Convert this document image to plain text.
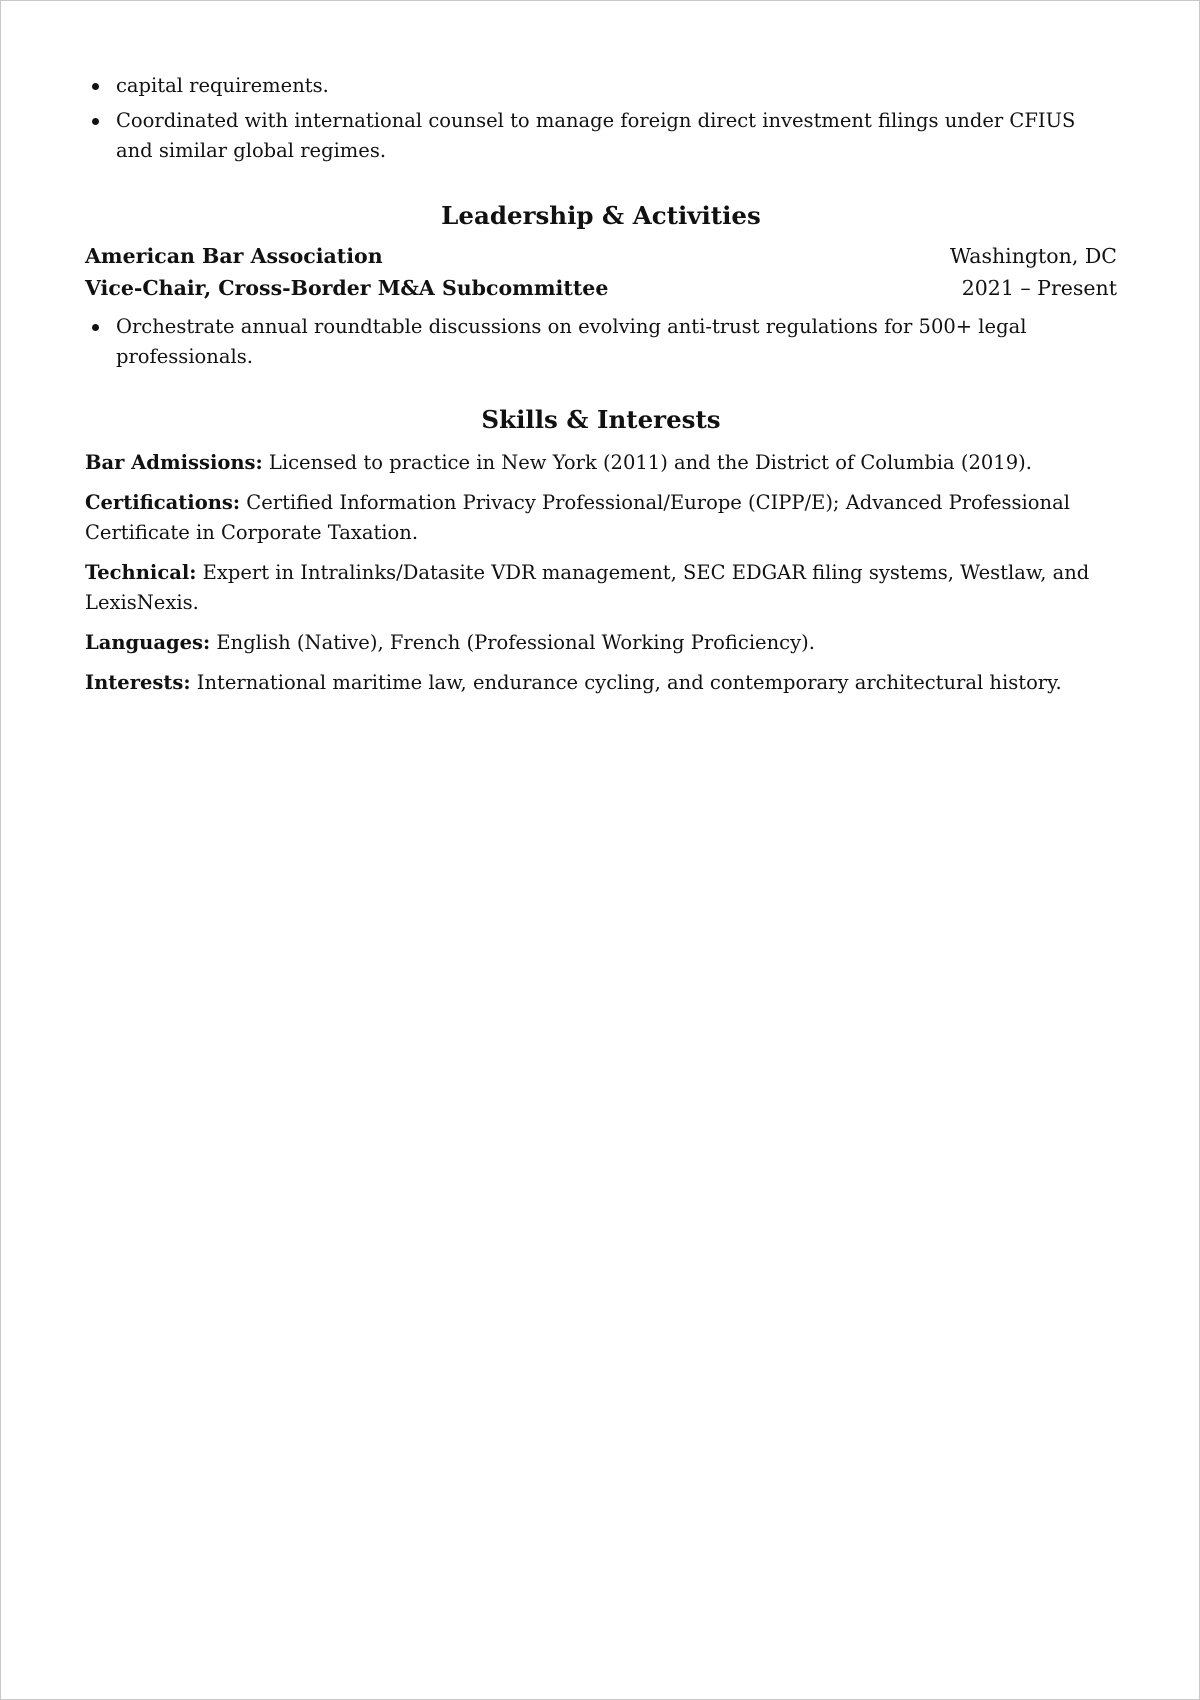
capital requirements.
Coordinated with international counsel to manage foreign direct investment filings under CFIUS and similar global regimes.
Leadership & Activities
American Bar Association	Washington, DC
Vice-Chair, Cross-Border M&A Subcommittee	2021 – Present
Orchestrate annual roundtable discussions on evolving anti-trust regulations for 500+ legal professionals.
Skills & Interests
Bar Admissions: Licensed to practice in New York (2011) and the District of Columbia (2019).
Certifications: Certified Information Privacy Professional/Europe (CIPP/E); Advanced Professional Certificate in Corporate Taxation.
Technical: Expert in Intralinks/Datasite VDR management, SEC EDGAR filing systems, Westlaw, and LexisNexis.
Languages: English (Native), French (Professional Working Proficiency).
Interests: International maritime law, endurance cycling, and contemporary architectural history.
